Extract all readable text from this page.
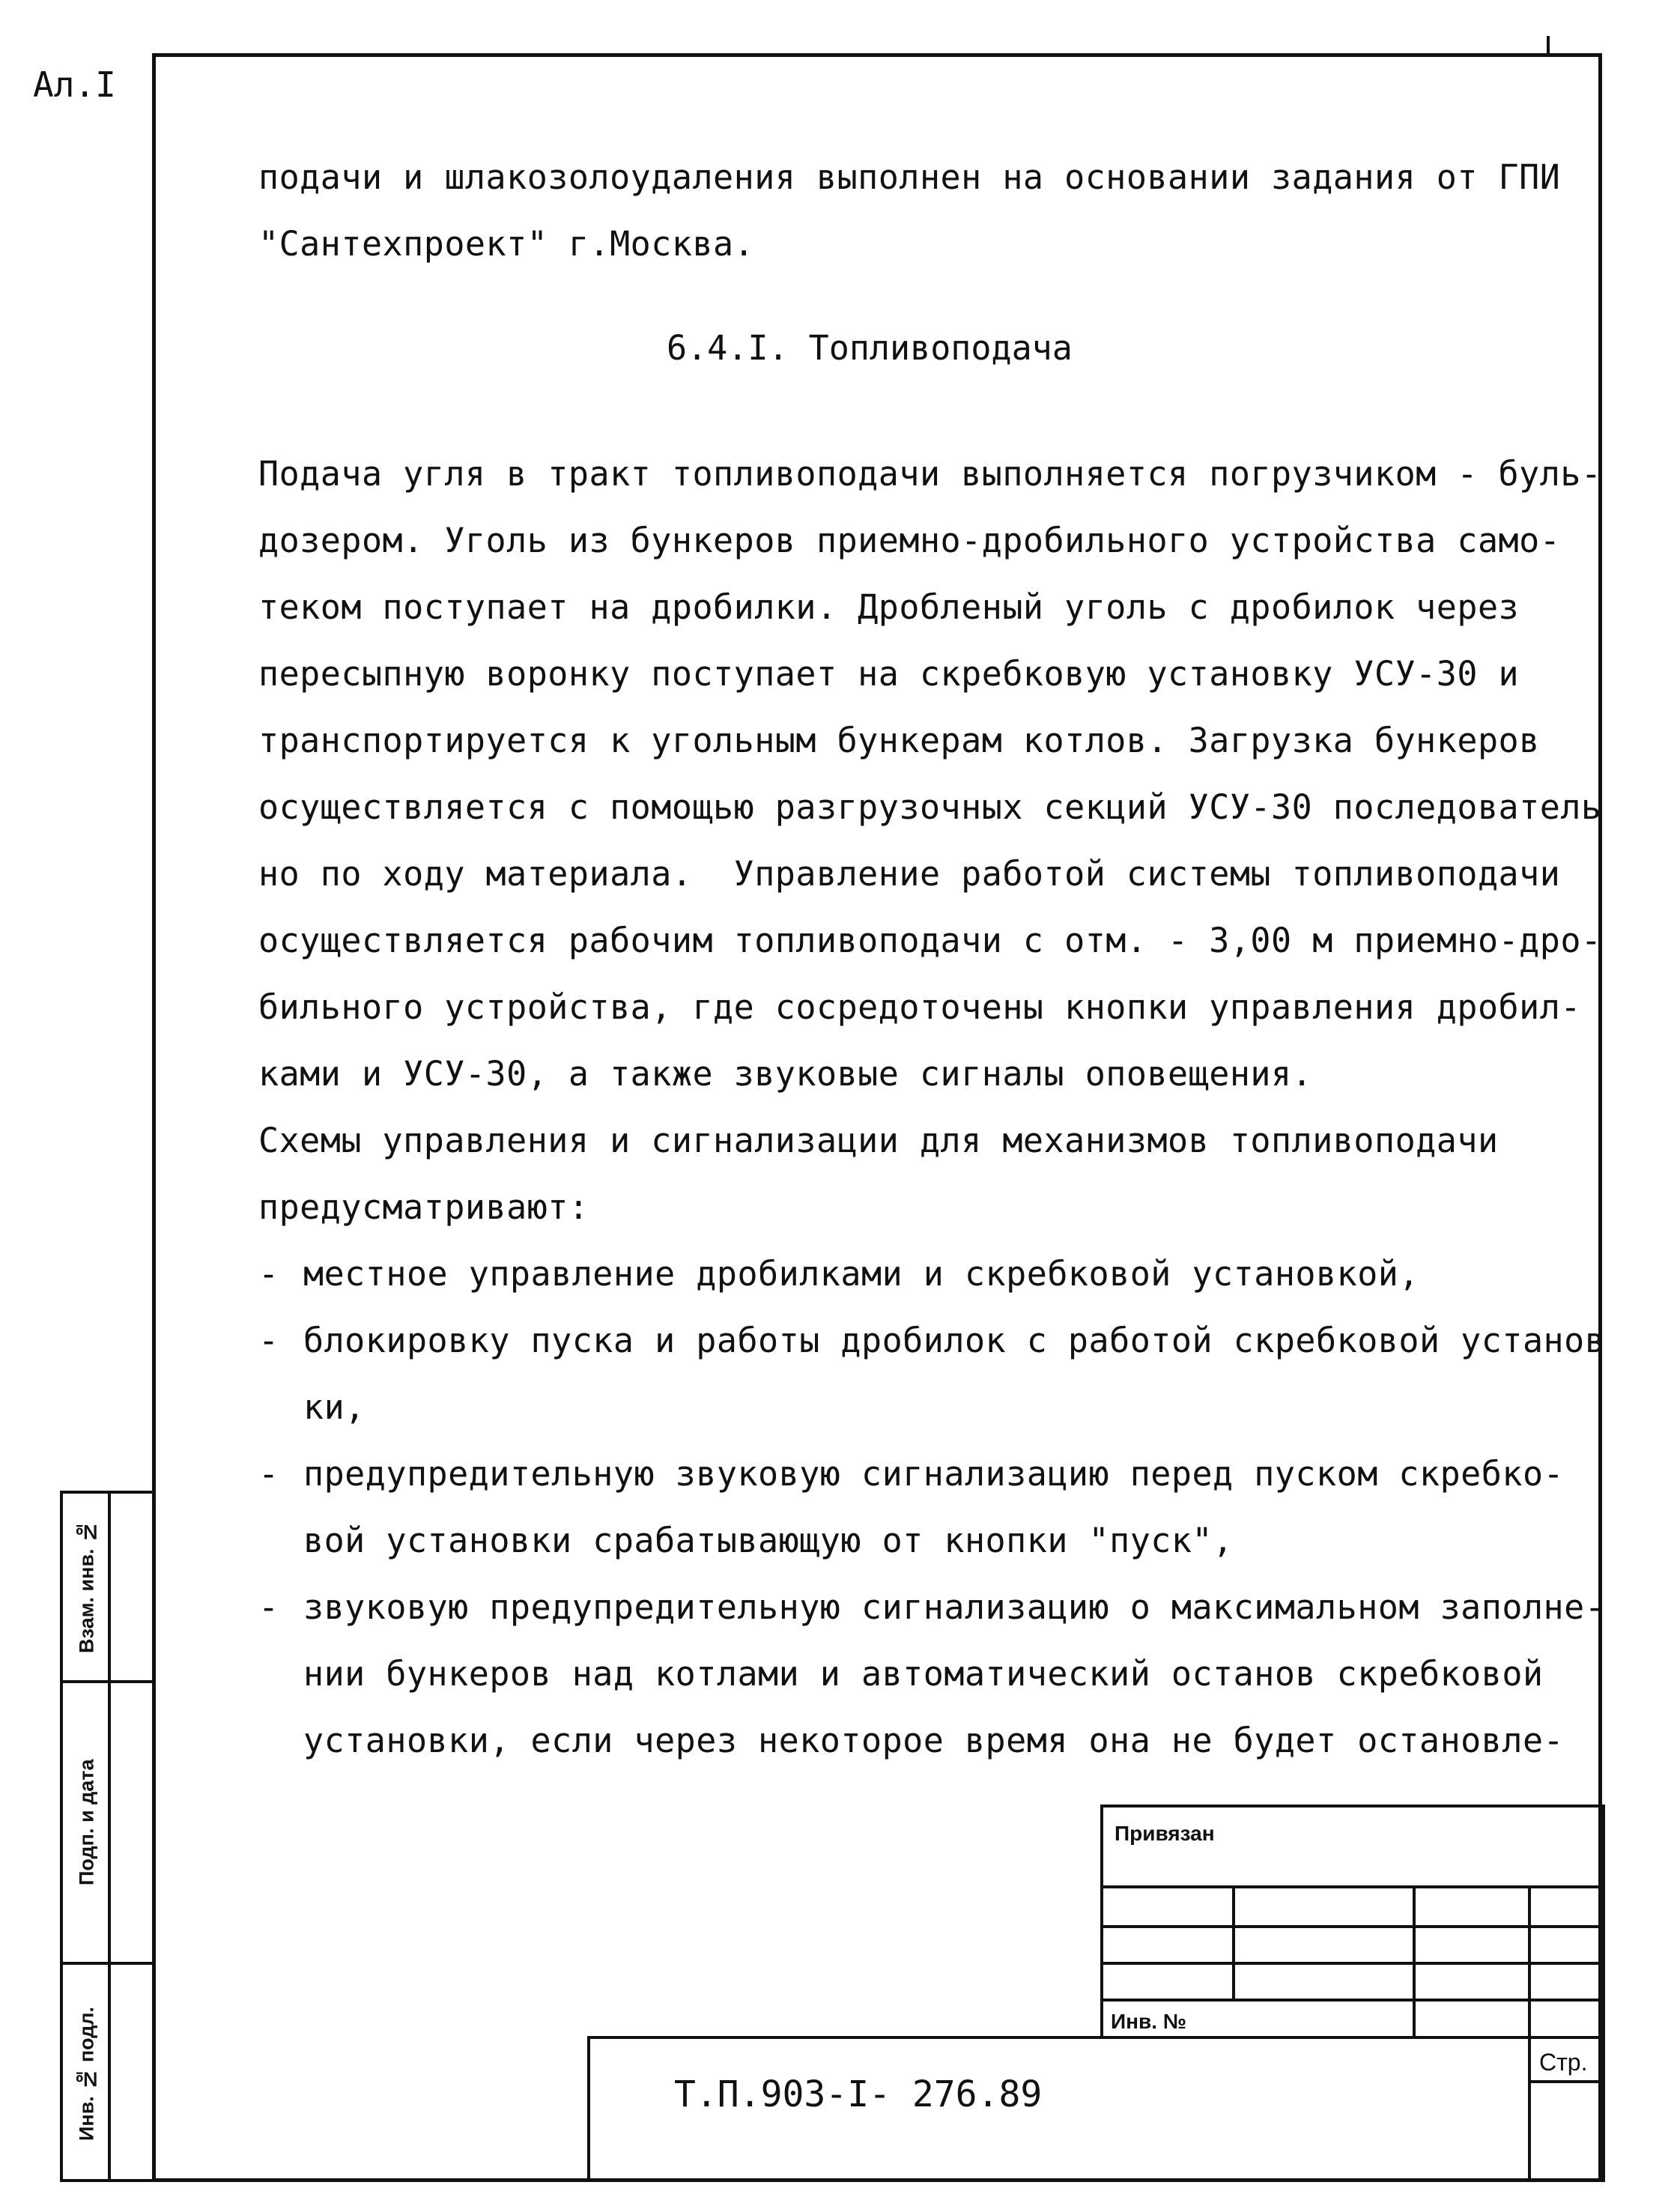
Ал.I
подачи и шлакозолоудаления выполнен на основании задания от ГПИ
"Сантехпроект" г.Москва.
6.4.I. Топливоподача
Подача угля в тракт топливоподачи выполняется погрузчиком - буль-
дозером. Уголь из бункеров приемно-дробильного устройства само-
теком поступает на дробилки. Дробленый уголь с дробилок через
пересыпную воронку поступает на скребковую установку УСУ-30 и
транспортируется к угольным бункерам котлов. Загрузка бункеров
осуществляется с помощью разгрузочных секций УСУ-30 последователь
но по ходу материала.  Управление работой системы топливоподачи
осуществляется рабочим топливоподачи с отм. - 3,00 м приемно-дро-
бильного устройства, где сосредоточены кнопки управления дробил-
ками и УСУ-30, а также звуковые сигналы оповещения.
Схемы управления и сигнализации для механизмов топливоподачи
предусматривают:
- местное управление дробилками и скребковой установкой,
- блокировку пуска и работы дробилок с работой скребковой установ
ки,
- предупредительную звуковую сигнализацию перед пуском скребко-
вой установки срабатывающую от кнопки "пуск",
- звуковую предупредительную сигнализацию о максимальном заполне-
нии бункеров над котлами и автоматический останов скребковой
установки, если через некоторое время она не будет остановле-
Взам. инв. №
Подп. и дата
Инв. № подл.
Привязан
Инв. №
Т.П.903-I- 276.89
Стр.
